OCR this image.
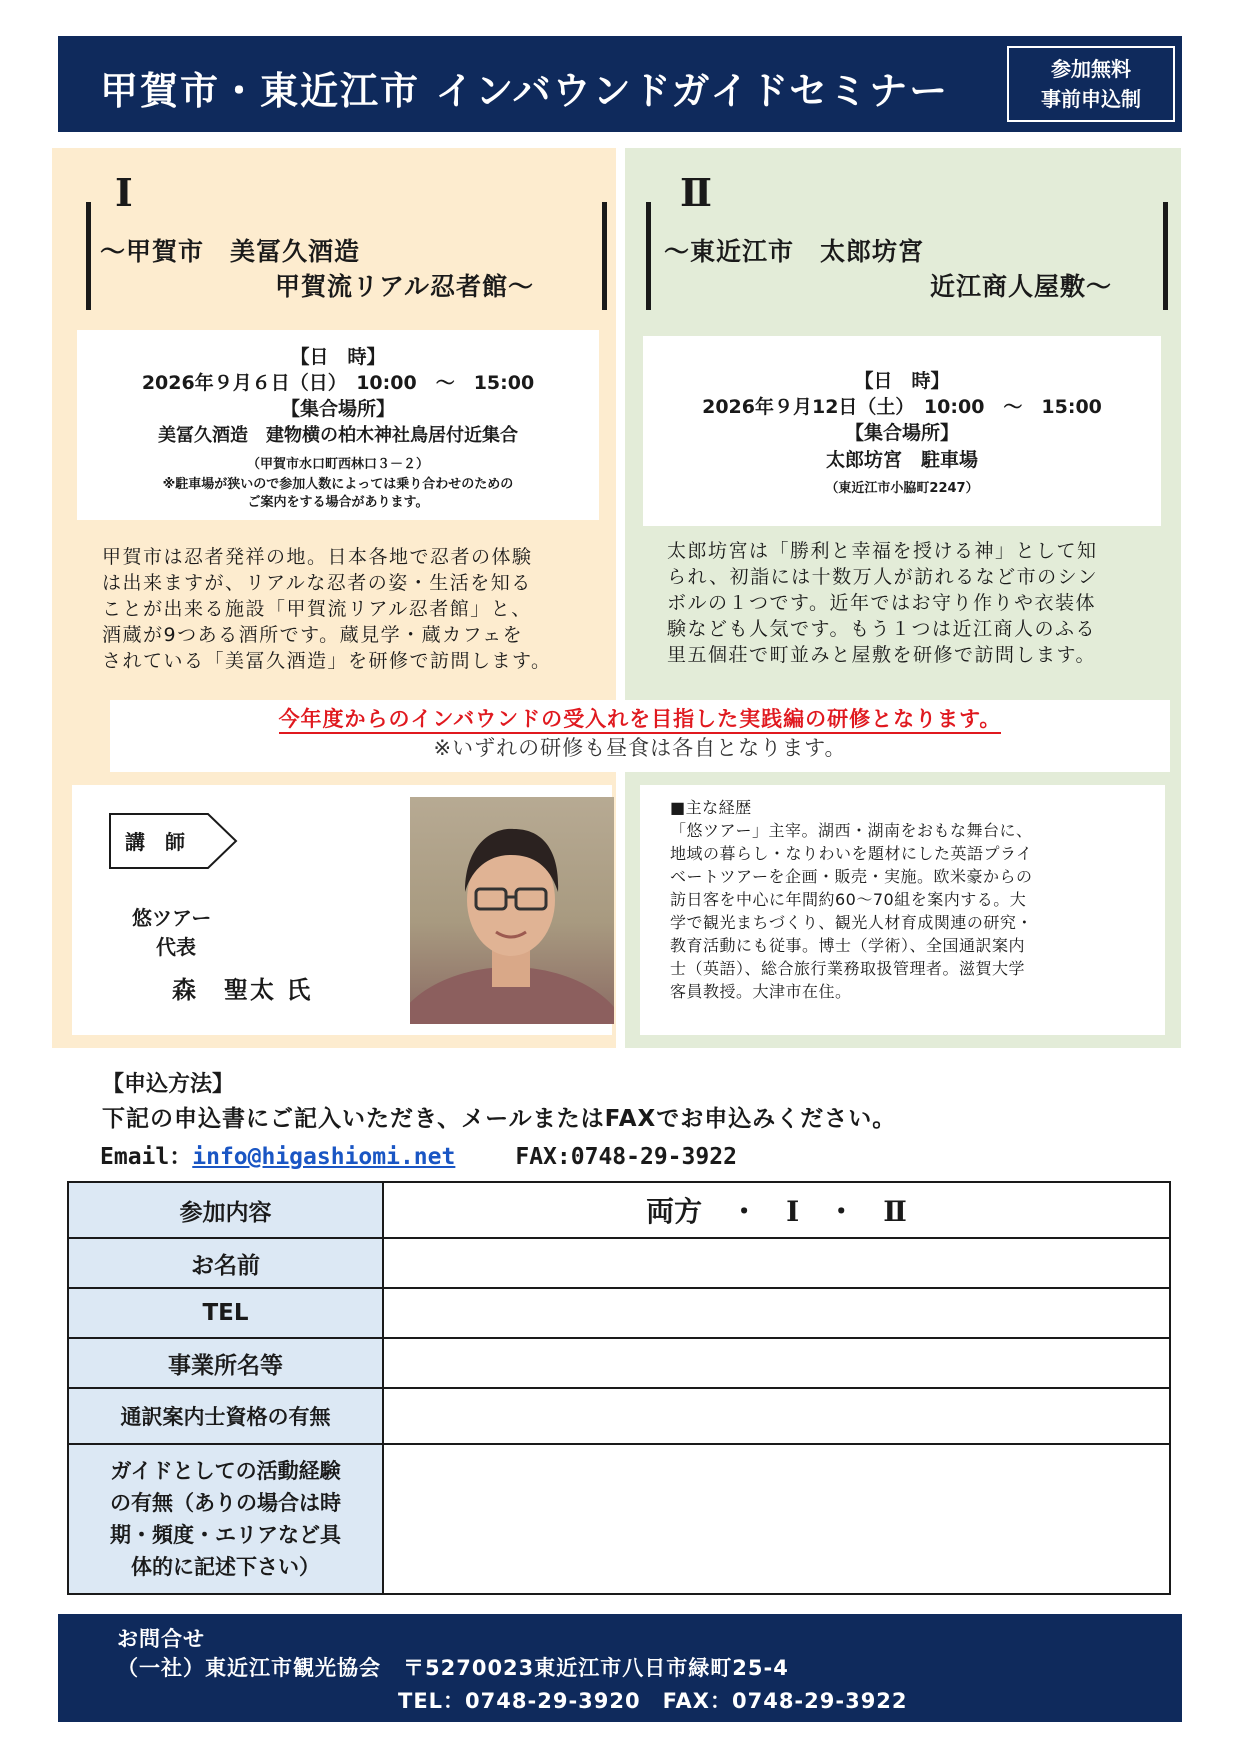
甲賀市・東近江市 インバウンドガイドセミナー	参加無料
事前申込制
Ⅰ
～甲賀市　美冨久酒造
甲賀流リアル忍者館～
【日　時】
2026年９月６日（日）　10:00　～　15:00
【集合場所】
美冨久酒造　建物横の柏木神社鳥居付近集合
（甲賀市水口町西林口３－２）
※駐車場が狭いので参加人数によっては乗り合わせのための
ご案内をする場合があります。
甲賀市は忍者発祥の地。日本各地で忍者の体験
は出来ますが、リアルな忍者の姿・生活を知る
ことが出来る施設「甲賀流リアル忍者館」と、
酒蔵が9つある酒所です。蔵見学・蔵カフェを
されている「美冨久酒造」を研修で訪問します。
Ⅱ
～東近江市　太郎坊宮
近江商人屋敷～
【日　時】
2026年９月12日（土）　10:00　～　15:00
【集合場所】
太郎坊宮　駐車場
（東近江市小脇町2247）
太郎坊宮は「勝利と幸福を授ける神」として知
られ、初詣には十数万人が訪れるなど市のシン
ボルの１つです。近年ではお守り作りや衣装体
験なども人気です。もう１つは近江商人のふる
里五個荘で町並みと屋敷を研修で訪問します。
今年度からのインバウンドの受入れを目指した実践編の研修となります。
※いずれの研修も昼食は各自となります。
講　師
悠ツアー
代表
森　聖太 氏
■主な経歴
「悠ツアー」主宰。湖西・湖南をおもな舞台に、
地域の暮らし・なりわいを題材にした英語プライ
ベートツアーを企画・販売・実施。欧米豪からの
訪日客を中心に年間約60～70組を案内する。大
学で観光まちづくり、観光人材育成関連の研究・
教育活動にも従事。博士（学術）、全国通訳案内
士（英語）、総合旅行業務取扱管理者。滋賀大学
客員教授。大津市在住。
【申込方法】
下記の申込書にご記入いただき、メールまたはFAXでお申込みください。
Email：info@higashiomi.net	FAX:0748-29-3922
参加内容	両方　・　Ⅰ　・　Ⅱ
お名前	
TEL	
事業所名等	
通訳案内士資格の有無	

ガイドとしての活動経験
の有無（ありの場合は時
期・頻度・エリアなど具
体的に記述下さい）	

お問合せ
（一社）東近江市観光協会　〒5270023東近江市八日市緑町25-4
TEL：0748-29-3920　FAX：0748-29-3922
